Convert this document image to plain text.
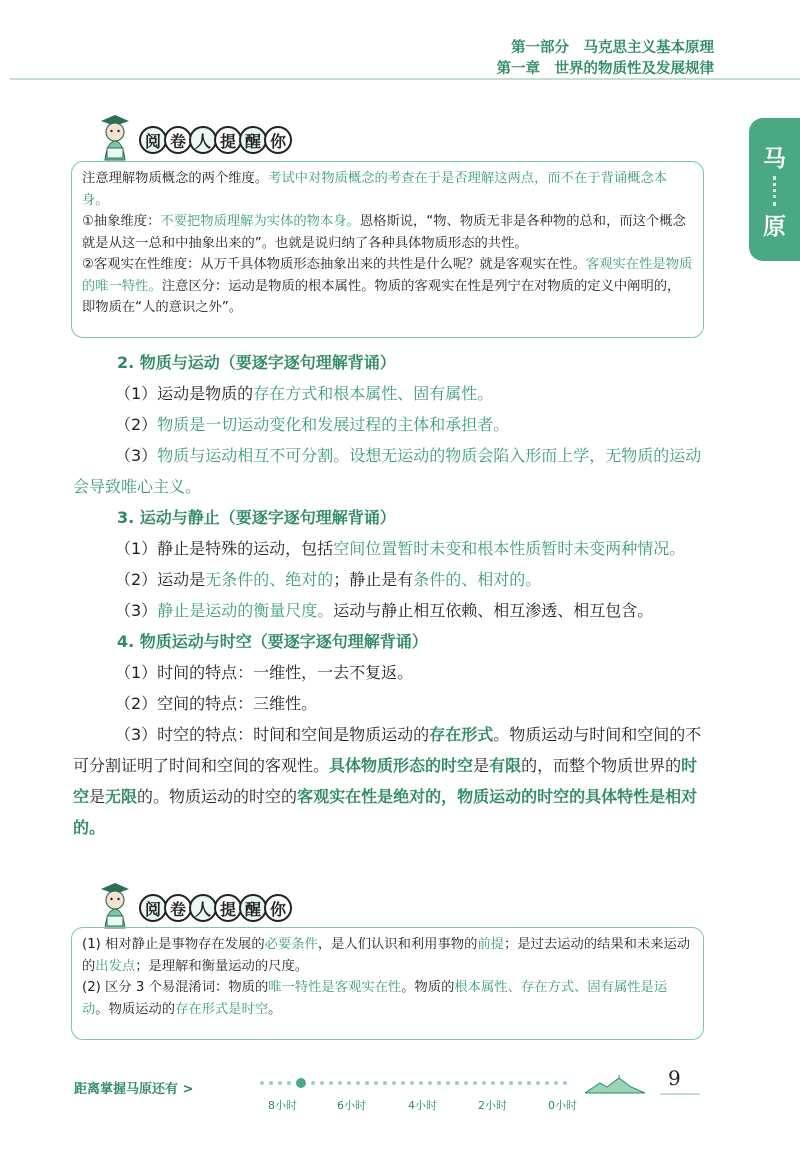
第一部分　马克思主义基本原理
第一章　世界的物质性及发展规律
马
原
阅 卷 人 提 醒 你

注意理解物质概念的两个维度。考试中对物质概念的考查在于是否理解这两点，而不在于背诵概念本身。

①抽象维度：不要把物质理解为实体的物本身。恩格斯说，“物、物质无非是各种物的总和，而这个概念就是从这一总和中抽象出来的”。也就是说归纳了各种具体物质形态的共性。

②客观实在性维度：从万千具体物质形态抽象出来的共性是什么呢？就是客观实在性。客观实在性是物质的唯一特性。注意区分：运动是物质的根本属性。物质的客观实在性是列宁在对物质的定义中阐明的，即物质在“人的意识之外”。

2. 物质与运动（要逐字逐句理解背诵）

（1）运动是物质的存在方式和根本属性、固有属性。

（2）物质是一切运动变化和发展过程的主体和承担者。

（3）物质与运动相互不可分割。设想无运动的物质会陷入形而上学，无物质的运动会导致唯心主义。

3. 运动与静止（要逐字逐句理解背诵）

（1）静止是特殊的运动，包括空间位置暂时未变和根本性质暂时未变两种情况。

（2）运动是无条件的、绝对的；静止是有条件的、相对的。

（3）静止是运动的衡量尺度。运动与静止相互依赖、相互渗透、相互包含。

4. 物质运动与时空（要逐字逐句理解背诵）

（1）时间的特点：一维性，一去不复返。

（2）空间的特点：三维性。

（3）时空的特点：时间和空间是物质运动的存在形式。物质运动与时间和空间的不可分割证明了时间和空间的客观性。具体物质形态的时空是有限的，而整个物质世界的时空是无限的。物质运动的时空的客观实在性是绝对的，物质运动的时空的具体特性是相对的。

阅 卷 人 提 醒 你

(1) 相对静止是事物存在发展的必要条件，是人们认识和利用事物的前提；是过去运动的结果和未来运动的出发点；是理解和衡量运动的尺度。

(2) 区分 3 个易混淆词：物质的唯一特性是客观实在性。物质的根本属性、存在方式、固有属性是运动。物质运动的存在形式是时空。

距离掌握马原还有 >
8小时	6小时	4小时	2小时	0小时
9
